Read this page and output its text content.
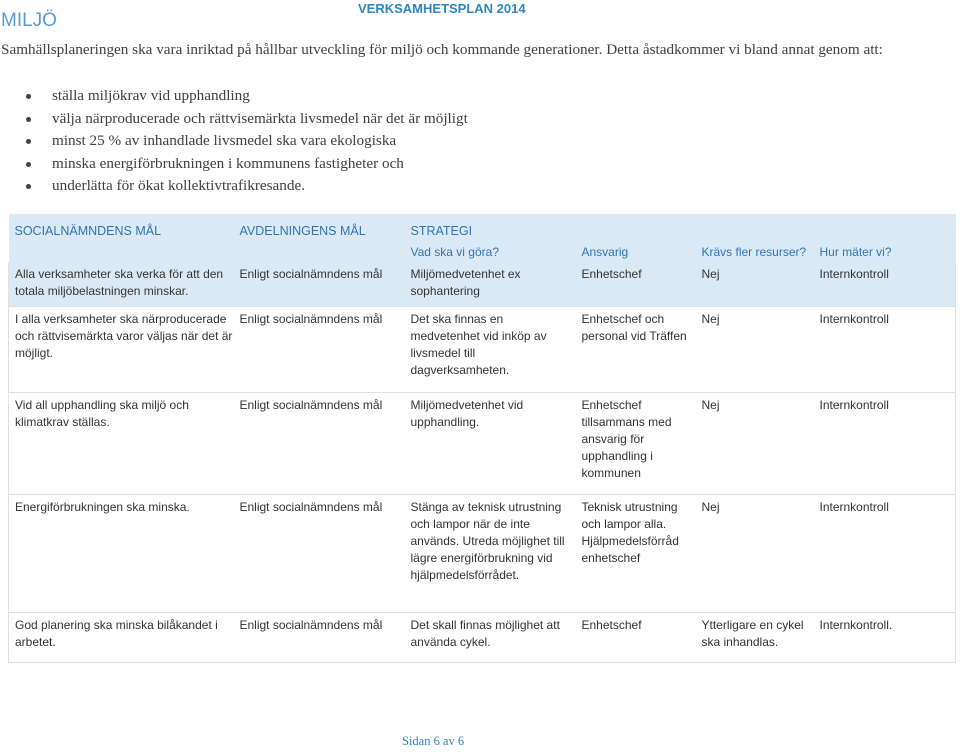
MILJÖ
VERKSAMHETSPLAN 2014

Samhällsplaneringen ska vara inriktad på hållbar utveckling för miljö och kommande generationer. Detta åstadkommer vi bland annat genom att:

ställa miljökrav vid upphandling
välja närproducerade och rättvisemärkta livsmedel när det är möjligt
minst 25 % av inhandlade livsmedel ska vara ekologiska
minska energiförbrukningen i kommunens fastigheter och
underlätta för ökat kollektivtrafikresande.
SOCIALNÄMNDENS MÅL	AVDELNINGENS MÅL	STRATEGI			
		Vad ska vi göra?	Ansvarig	Krävs fler resurser?	Hur mäter vi?
Alla verksamheter ska verka för att den totala miljöbelastningen minskar.	Enligt socialnämndens mål	Miljömedvetenhet ex sophantering	Enhetschef	Nej	Internkontroll
I alla verksamheter ska närproducerade och rättvisemärkta varor väljas när det är möjligt.	Enligt socialnämndens mål	Det ska finnas en medvetenhet vid inköp av livsmedel till dagverksamheten.	Enhetschef och personal vid Träffen	Nej	Internkontroll
Vid all upphandling ska miljö och klimatkrav ställas.	Enligt socialnämndens mål	Miljömedvetenhet vid upphandling.	Enhetschef tillsammans med ansvarig för upphandling i kommunen	Nej	Internkontroll
Energiförbrukningen ska minska.	Enligt socialnämndens mål	Stänga av teknisk utrustning och lampor när de inte används. Utreda möjlighet till lägre energiförbrukning vid hjälpmedelsförrådet.	Teknisk utrustning och lampor alla. Hjälpmedelsförråd enhetschef	Nej	Internkontroll
God planering ska minska bilåkandet i arbetet.	Enligt socialnämndens mål	Det skall finnas möjlighet att använda cykel.	Enhetschef	Ytterligare en cykel ska inhandlas.	Internkontroll.
Sidan 6 av 6
